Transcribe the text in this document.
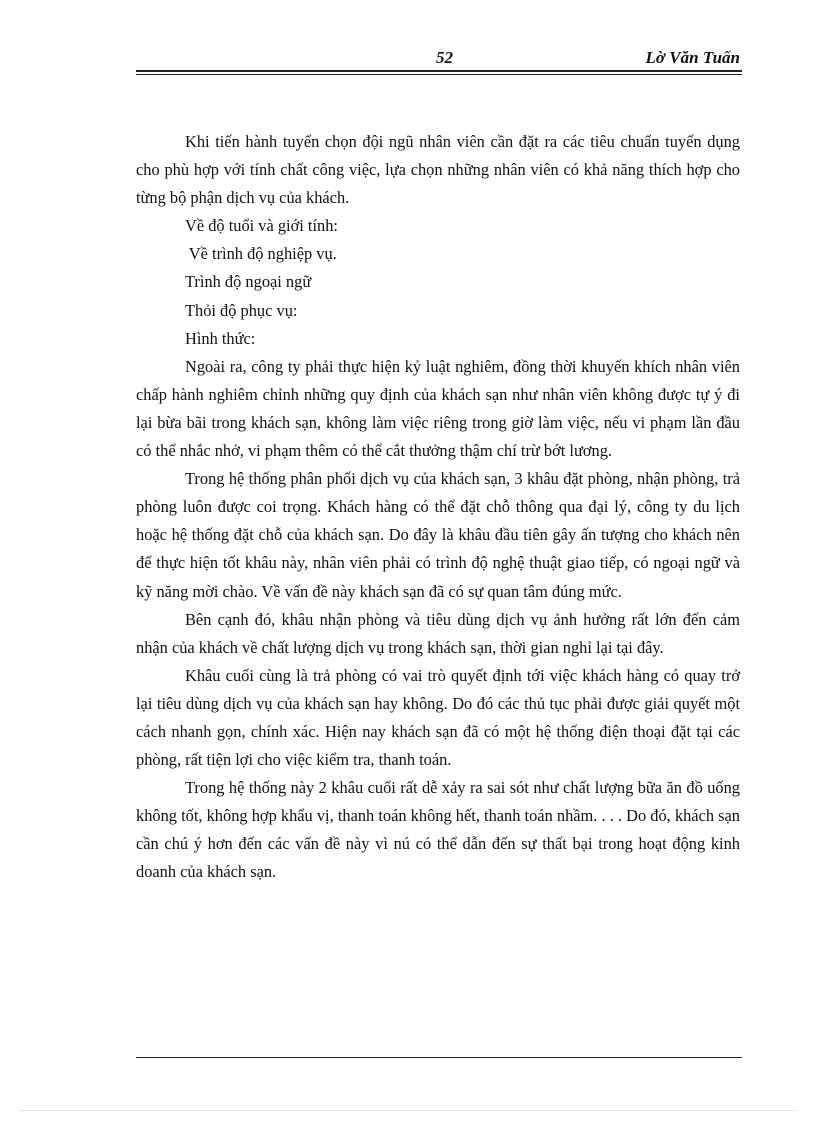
52	Lờ Văn Tuấn

Khi tiến hành tuyển chọn đội ngũ nhân viên cần đặt ra các tiêu chuẩn tuyển dụng cho phù hợp với tính chất công việc, lựa chọn những nhân viên có khả năng thích hợp cho từng bộ phận dịch vụ của khách.

Về độ tuổi và giới tính:

Về trình độ nghiệp vụ.

Trình độ ngoại ngữ

Thỏi độ phục vụ:

Hình thức:

Ngoài ra, công ty phải thực hiện kỷ luật nghiêm, đồng thời khuyến khích nhân viên chấp hành nghiêm chỉnh những quy định của khách sạn như nhân viên không được tự ý đi lại bừa bãi trong khách sạn, không làm việc riêng trong giờ làm việc, nếu vi phạm lần đầu có thể nhắc nhở, vi phạm thêm có thể cắt thưởng thậm chí trừ bớt lương.

Trong hệ thống phân phối dịch vụ của khách sạn, 3 khâu đặt phòng, nhận phòng, trả phòng luôn được coi trọng. Khách hàng có thể đặt chỗ thông qua đại lý, công ty du lịch hoặc hệ thống đặt chỗ của khách sạn. Do đây là khâu đầu tiên gây ấn tượng cho khách nên để thực hiện tốt khâu này, nhân viên phải có trình độ nghệ thuật giao tiếp, có ngoại ngữ và kỹ năng mời chào. Về vấn đề này khách sạn đã có sự quan tâm đúng mức.

Bên cạnh đó, khâu nhận phòng và tiêu dùng dịch vụ ảnh hưởng rất lớn đến cảm nhận của khách về chất lượng dịch vụ trong khách sạn, thời gian nghỉ lại tại đây.

Khâu cuối cùng là trả phòng có vai trò quyết định tới việc khách hàng có quay trở lại tiêu dùng dịch vụ của khách sạn hay không. Do đó các thủ tục phải được giải quyết một cách nhanh gọn, chính xác. Hiện nay khách sạn đã có một hệ thống điện thoại đặt tại các phòng, rất tiện lợi cho việc kiểm tra, thanh toán.

Trong hệ thống này 2 khâu cuối rất dễ xảy ra sai sót như chất lượng bữa ăn đồ uống không tốt, không hợp khẩu vị, thanh toán không hết, thanh toán nhầm. . . . Do đó, khách sạn cần chú ý hơn đến các vấn đề này vì nú có thể dẫn đến sự thất bại trong hoạt động kinh doanh của khách sạn.
